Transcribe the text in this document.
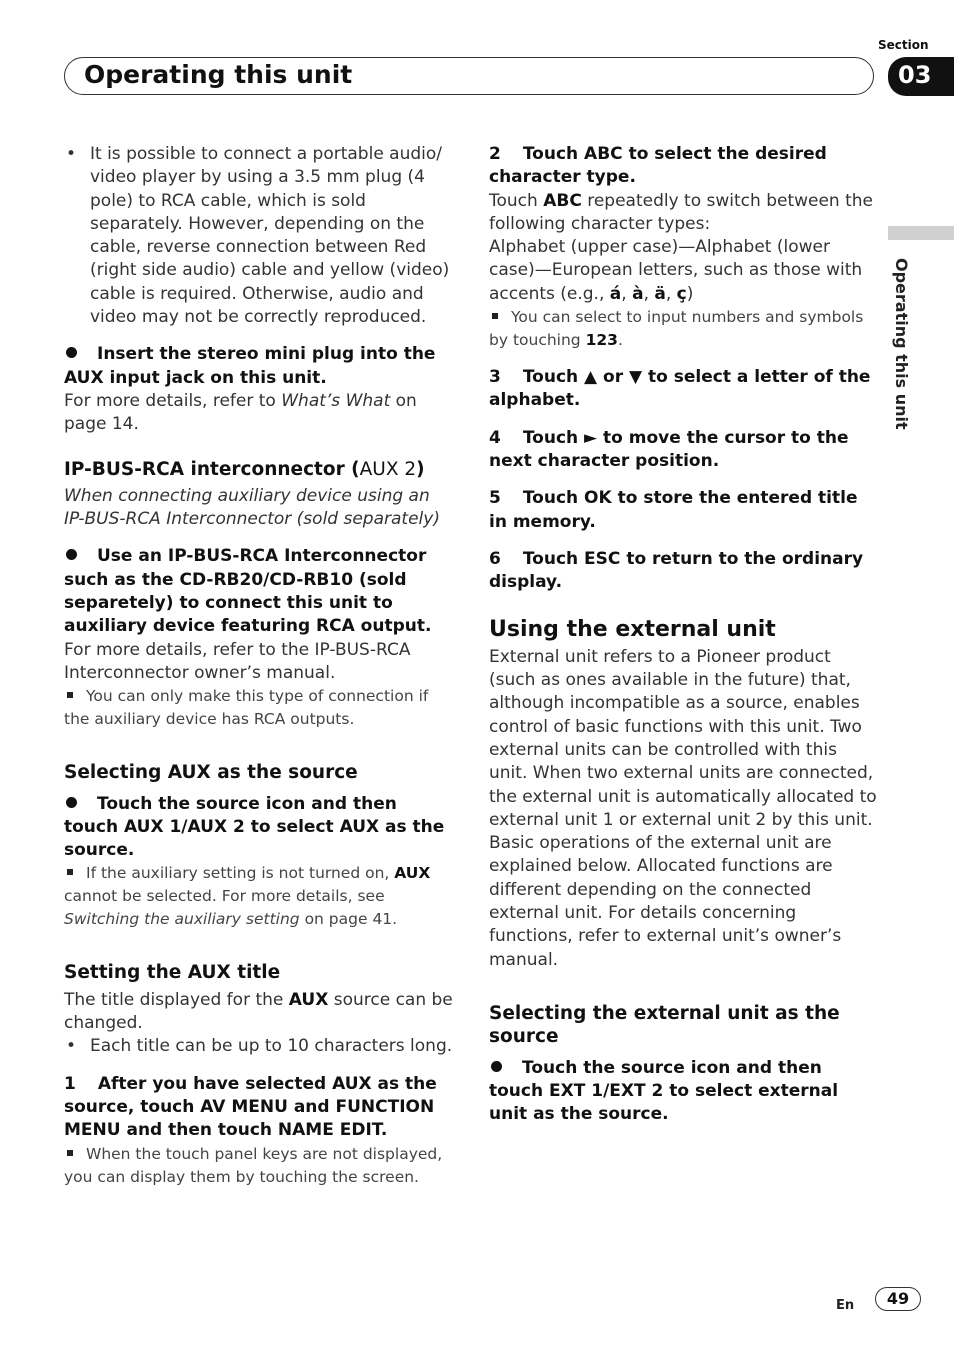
Section
Operating this unit	03
Operating this unit

• It is possible to connect a portable audio/ video player by using a 3.5 mm plug (4 pole) to RCA cable, which is sold separately. However, depending on the cable, reverse connection between Red (right side audio) cable and yellow (video) cable is required. Otherwise, audio and video may not be correctly reproduced.

Insert the stereo mini plug into the AUX input jack on this unit.

For more details, refer to What’s What on page 14.

IP-BUS-RCA interconnector (AUX 2)

When connecting auxiliary device using an IP-BUS-RCA Interconnector (sold separately)

Use an IP-BUS-RCA Interconnector such as the CD-RB20/CD-RB10 (sold separetely) to connect this unit to auxiliary device featuring RCA output.

For more details, refer to the IP-BUS-RCA Interconnector owner’s manual.

You can only make this type of connection if the auxiliary device has RCA outputs.

Selecting AUX as the source

Touch the source icon and then touch AUX 1/AUX 2 to select AUX as the source.

If the auxiliary setting is not turned on, AUX cannot be selected. For more details, see Switching the auxiliary setting on page 41.

Setting the AUX title

The title displayed for the AUX source can be changed.

• Each title can be up to 10 characters long.

1 After you have selected AUX as the source, touch AV MENU and FUNCTION MENU and then touch NAME EDIT.

When the touch panel keys are not displayed, you can display them by touching the screen.

2 Touch ABC to select the desired character type.

Touch ABC repeatedly to switch between the following character types:

Alphabet (upper case)—Alphabet (lower case)—European letters, such as those with accents (e.g., á, à, ä, ç)

You can select to input numbers and symbols by touching 123.

3 Touch ▲ or ▼ to select a letter of the alphabet.

4 Touch ► to move the cursor to the next character position.

5 Touch OK to store the entered title in memory.

6 Touch ESC to return to the ordinary display.

Using the external unit

External unit refers to a Pioneer product (such as ones available in the future) that, although incompatible as a source, enables control of basic functions with this unit. Two external units can be controlled with this unit. When two external units are connected, the external unit is automatically allocated to external unit 1 or external unit 2 by this unit.

Basic operations of the external unit are explained below. Allocated functions are different depending on the connected external unit. For details concerning functions, refer to external unit’s owner’s manual.

Selecting the external unit as the source

Touch the source icon and then touch EXT 1/EXT 2 to select external unit as the source.

En	49
